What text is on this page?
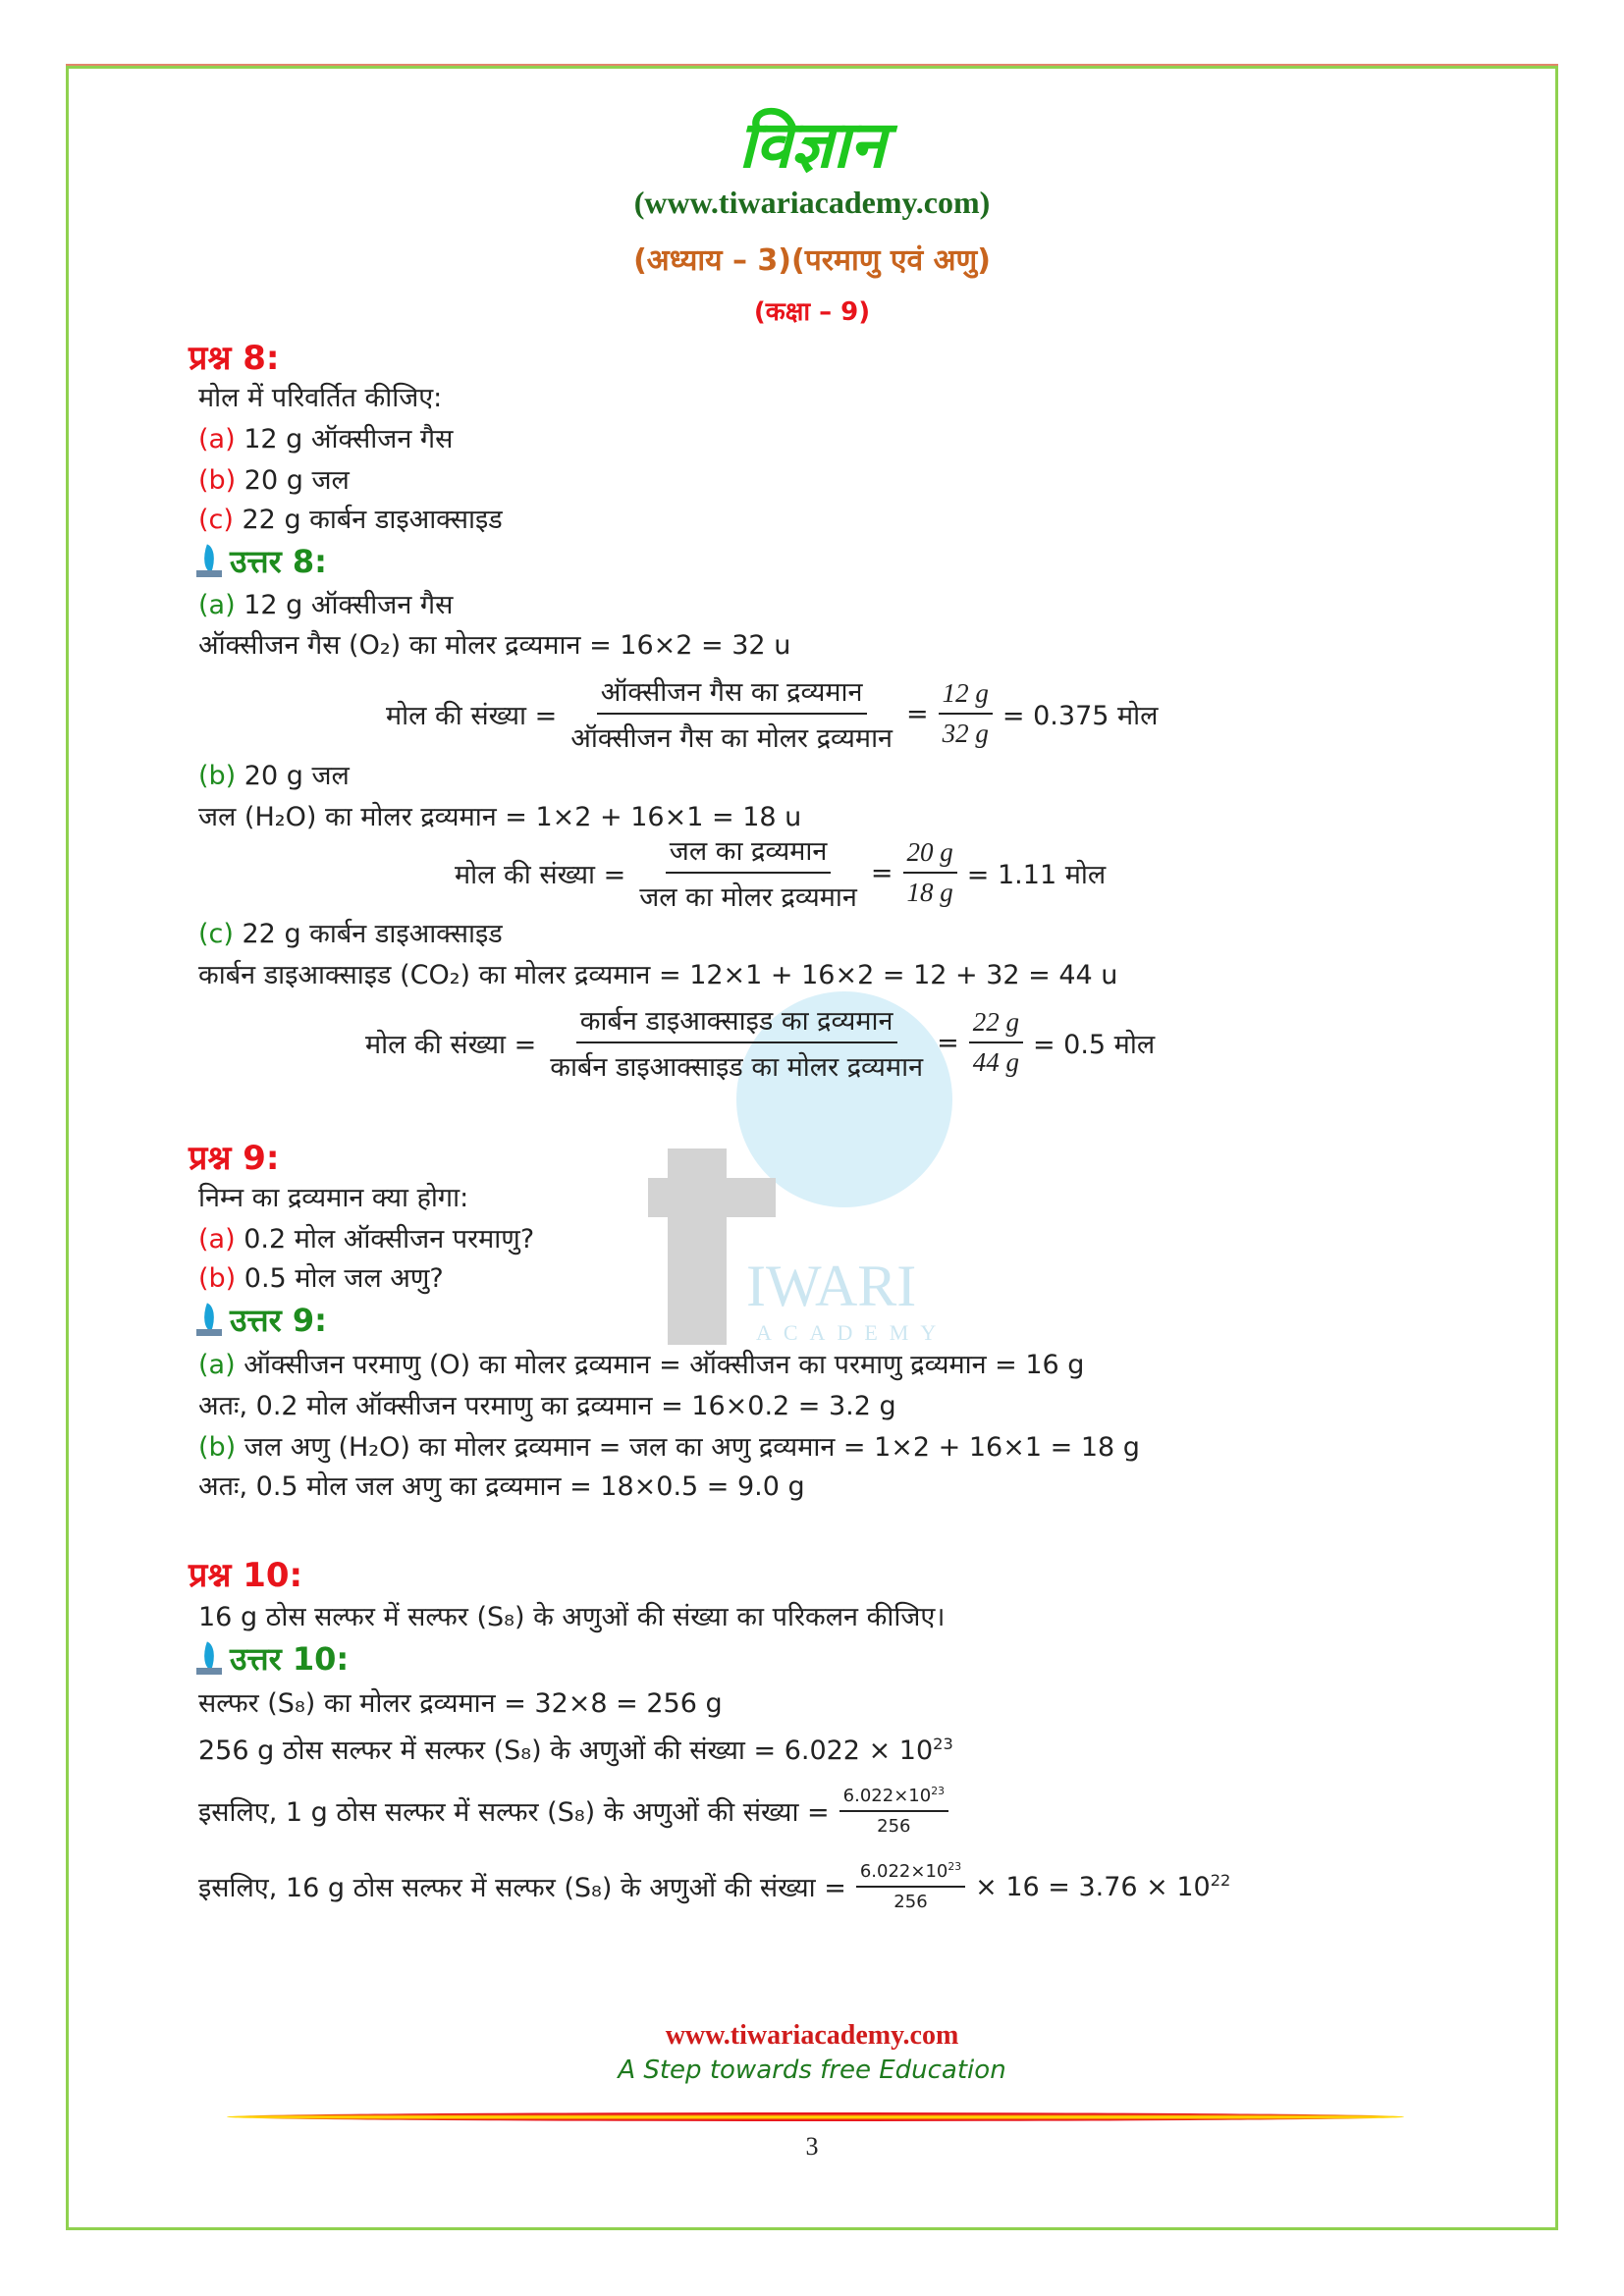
IWARI
ACADEMY
विज्ञान
(www.tiwariacademy.com)
(अध्याय – 3)(परमाणु एवं अणु)
(कक्षा – 9)
प्रश्न 8:
मोल में परिवर्तित कीजिए:
(a) 12 g ऑक्सीजन गैस
(b) 20 g जल
(c) 22 g कार्बन डाइआक्साइड
उत्तर 8:
(a) 12 g ऑक्सीजन गैस
ऑक्सीजन गैस (O₂) का मोलर द्रव्यमान = 16×2 = 32 u
मोल की संख्या = $\frac{\text{ऑक्सीजन गैस का द्रव्यमान}}{\text{ऑक्सीजन गैस का मोलर द्रव्यमान}} = \frac{12 g}{32 g} = 0.375$ मोल
(b) 20 g जल
जल (H₂O) का मोलर द्रव्यमान = 1×2 + 16×1 = 18 u
मोल की संख्या = $\frac{\text{जल का द्रव्यमान}}{\text{जल का मोलर द्रव्यमान}} = \frac{20 g}{18 g} = 1.11$ मोल
(c) 22 g कार्बन डाइआक्साइड
कार्बन डाइआक्साइड (CO₂) का मोलर द्रव्यमान = 12×1 + 16×2 = 12 + 32 = 44 u
मोल की संख्या = $\frac{\text{कार्बन डाइआक्साइड का द्रव्यमान}}{\text{कार्बन डाइआक्साइड का मोलर द्रव्यमान}} = \frac{22 g}{44 g} = 0.5$ मोल
प्रश्न 9:
निम्न का द्रव्यमान क्या होगा:
(a) 0.2 मोल ऑक्सीजन परमाणु?
(b) 0.5 मोल जल अणु?
उत्तर 9:
(a) ऑक्सीजन परमाणु (O) का मोलर द्रव्यमान = ऑक्सीजन का परमाणु द्रव्यमान = 16 g
अतः, 0.2 मोल ऑक्सीजन परमाणु का द्रव्यमान = 16×0.2 = 3.2 g
(b) जल अणु (H₂O) का मोलर द्रव्यमान = जल का अणु द्रव्यमान = 1×2 + 16×1 = 18 g
अतः, 0.5 मोल जल अणु का द्रव्यमान = 18×0.5 = 9.0 g
प्रश्न 10:
16 g ठोस सल्फर में सल्फर (S₈) के अणुओं की संख्या का परिकलन कीजिए।
उत्तर 10:
सल्फर (S₈) का मोलर द्रव्यमान = 32×8 = 256 g
256 g ठोस सल्फर में सल्फर (S₈) के अणुओं की संख्या = $6.022 \times 10^{23}$
इसलिए, 1 g ठोस सल्फर में सल्फर (S₈) के अणुओं की संख्या = $\frac{6.022\times 10^{23}}{256}$
इसलिए, 16 g ठोस सल्फर में सल्फर (S₈) के अणुओं की संख्या = $\frac{6.022\times 10^{23}}{256} \times 16 = 3.76 \times 10^{22}$
www.tiwariacademy.com
A Step towards free Education
3
